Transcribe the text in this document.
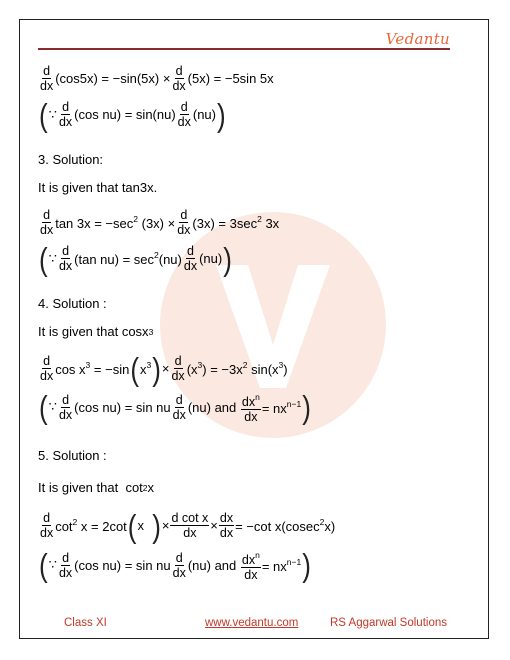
Vedantu
$\frac{d}{dx} (\cos 5x) = -\sin(5x) \times \frac{d}{dx} (5x) = -5\sin$ 5x
( ∵ $\frac{d}{dx} (\cos$ $nu) = \sin(nu) \frac{d}{dx} (nu)$ )
3. Solution:
It is given that tan3x.
$\frac{d}{dx}$ $\tan 3x = -\sec^2$ $(3x) \times \frac{d}{dx} (3x) = 3\sec^2$ 3x
( ∵ $\frac{d}{dx} (\tan$ $nu) = \sec^2(nu) \frac{d}{dx} (nu)$ )
4. Solution :
It is given that cosx 3
$\frac{d}{dx}$ $\cos x^3 = -\sin$ ( $x^3$ ) × $\frac{d}{dx} (x^3) = -3x^2$ $\sin(x^3)$
( ∵ $\frac{d}{dx} (\cos$ nu) = sin nu $\frac{d}{dx} (nu)$ and
$\frac{dx^n}{dx} = nx^{n-1}$ )
5. Solution :
It is given that
cot 2 x
$\frac{d}{dx} \cot^2 x = 2\cot$ ( x ) × $\frac{\text{d cot x}}{dx} \times \frac{dx}{dx} = -\cot$ x(cosec$^2$x)
( ∵ $\frac{d}{dx} (\cos$ nu) = sin nu $\frac{d}{dx} (nu)$ and
$\frac{dx^n}{dx} = nx^{n-1}$ )
Class XI	www.vedantu.com	RS Aggarwal Solutions
